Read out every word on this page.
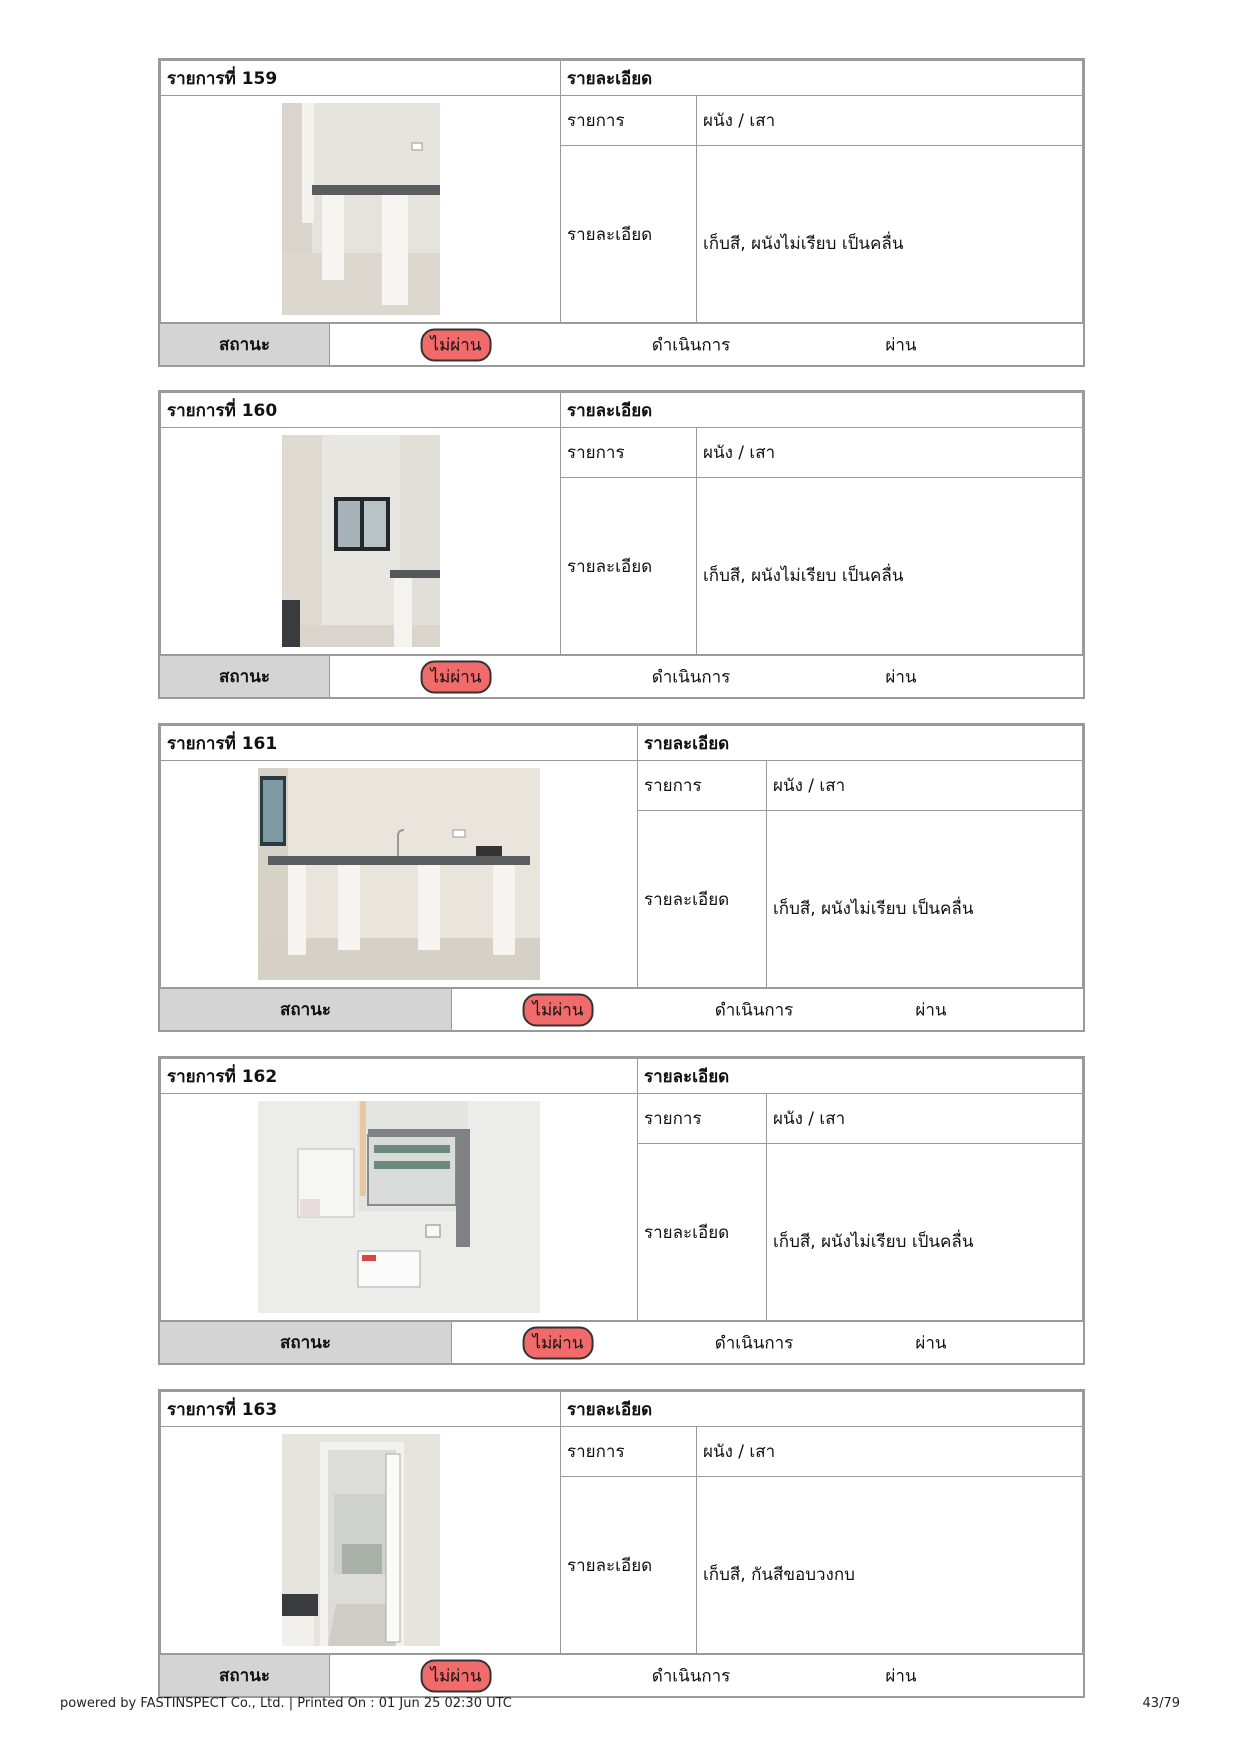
รายการที่ 159	รายละเอียด	

	รายการ	ผนัง / เสา
	รายละเอียด	เก็บสี, ผนังไม่เรียบ เป็นคลื่น
สถานะ	ไม่ผ่าน	ดำเนินการ	ผ่าน
รายการที่ 160	รายละเอียด	

	รายการ	ผนัง / เสา
	รายละเอียด	เก็บสี, ผนังไม่เรียบ เป็นคลื่น
สถานะ	ไม่ผ่าน	ดำเนินการ	ผ่าน
รายการที่ 161	รายละเอียด	

	รายการ	ผนัง / เสา
	รายละเอียด	เก็บสี, ผนังไม่เรียบ เป็นคลื่น
สถานะ	ไม่ผ่าน	ดำเนินการ	ผ่าน
รายการที่ 162	รายละเอียด	

	รายการ	ผนัง / เสา
	รายละเอียด	เก็บสี, ผนังไม่เรียบ เป็นคลื่น
สถานะ	ไม่ผ่าน	ดำเนินการ	ผ่าน
รายการที่ 163	รายละเอียด	

	รายการ	ผนัง / เสา
	รายละเอียด	เก็บสี, กันสีขอบวงกบ
สถานะ	ไม่ผ่าน	ดำเนินการ	ผ่าน
powered by FASTINSPECT Co., Ltd. | Printed On : 01 Jun 25 02:30 UTC	43/79
